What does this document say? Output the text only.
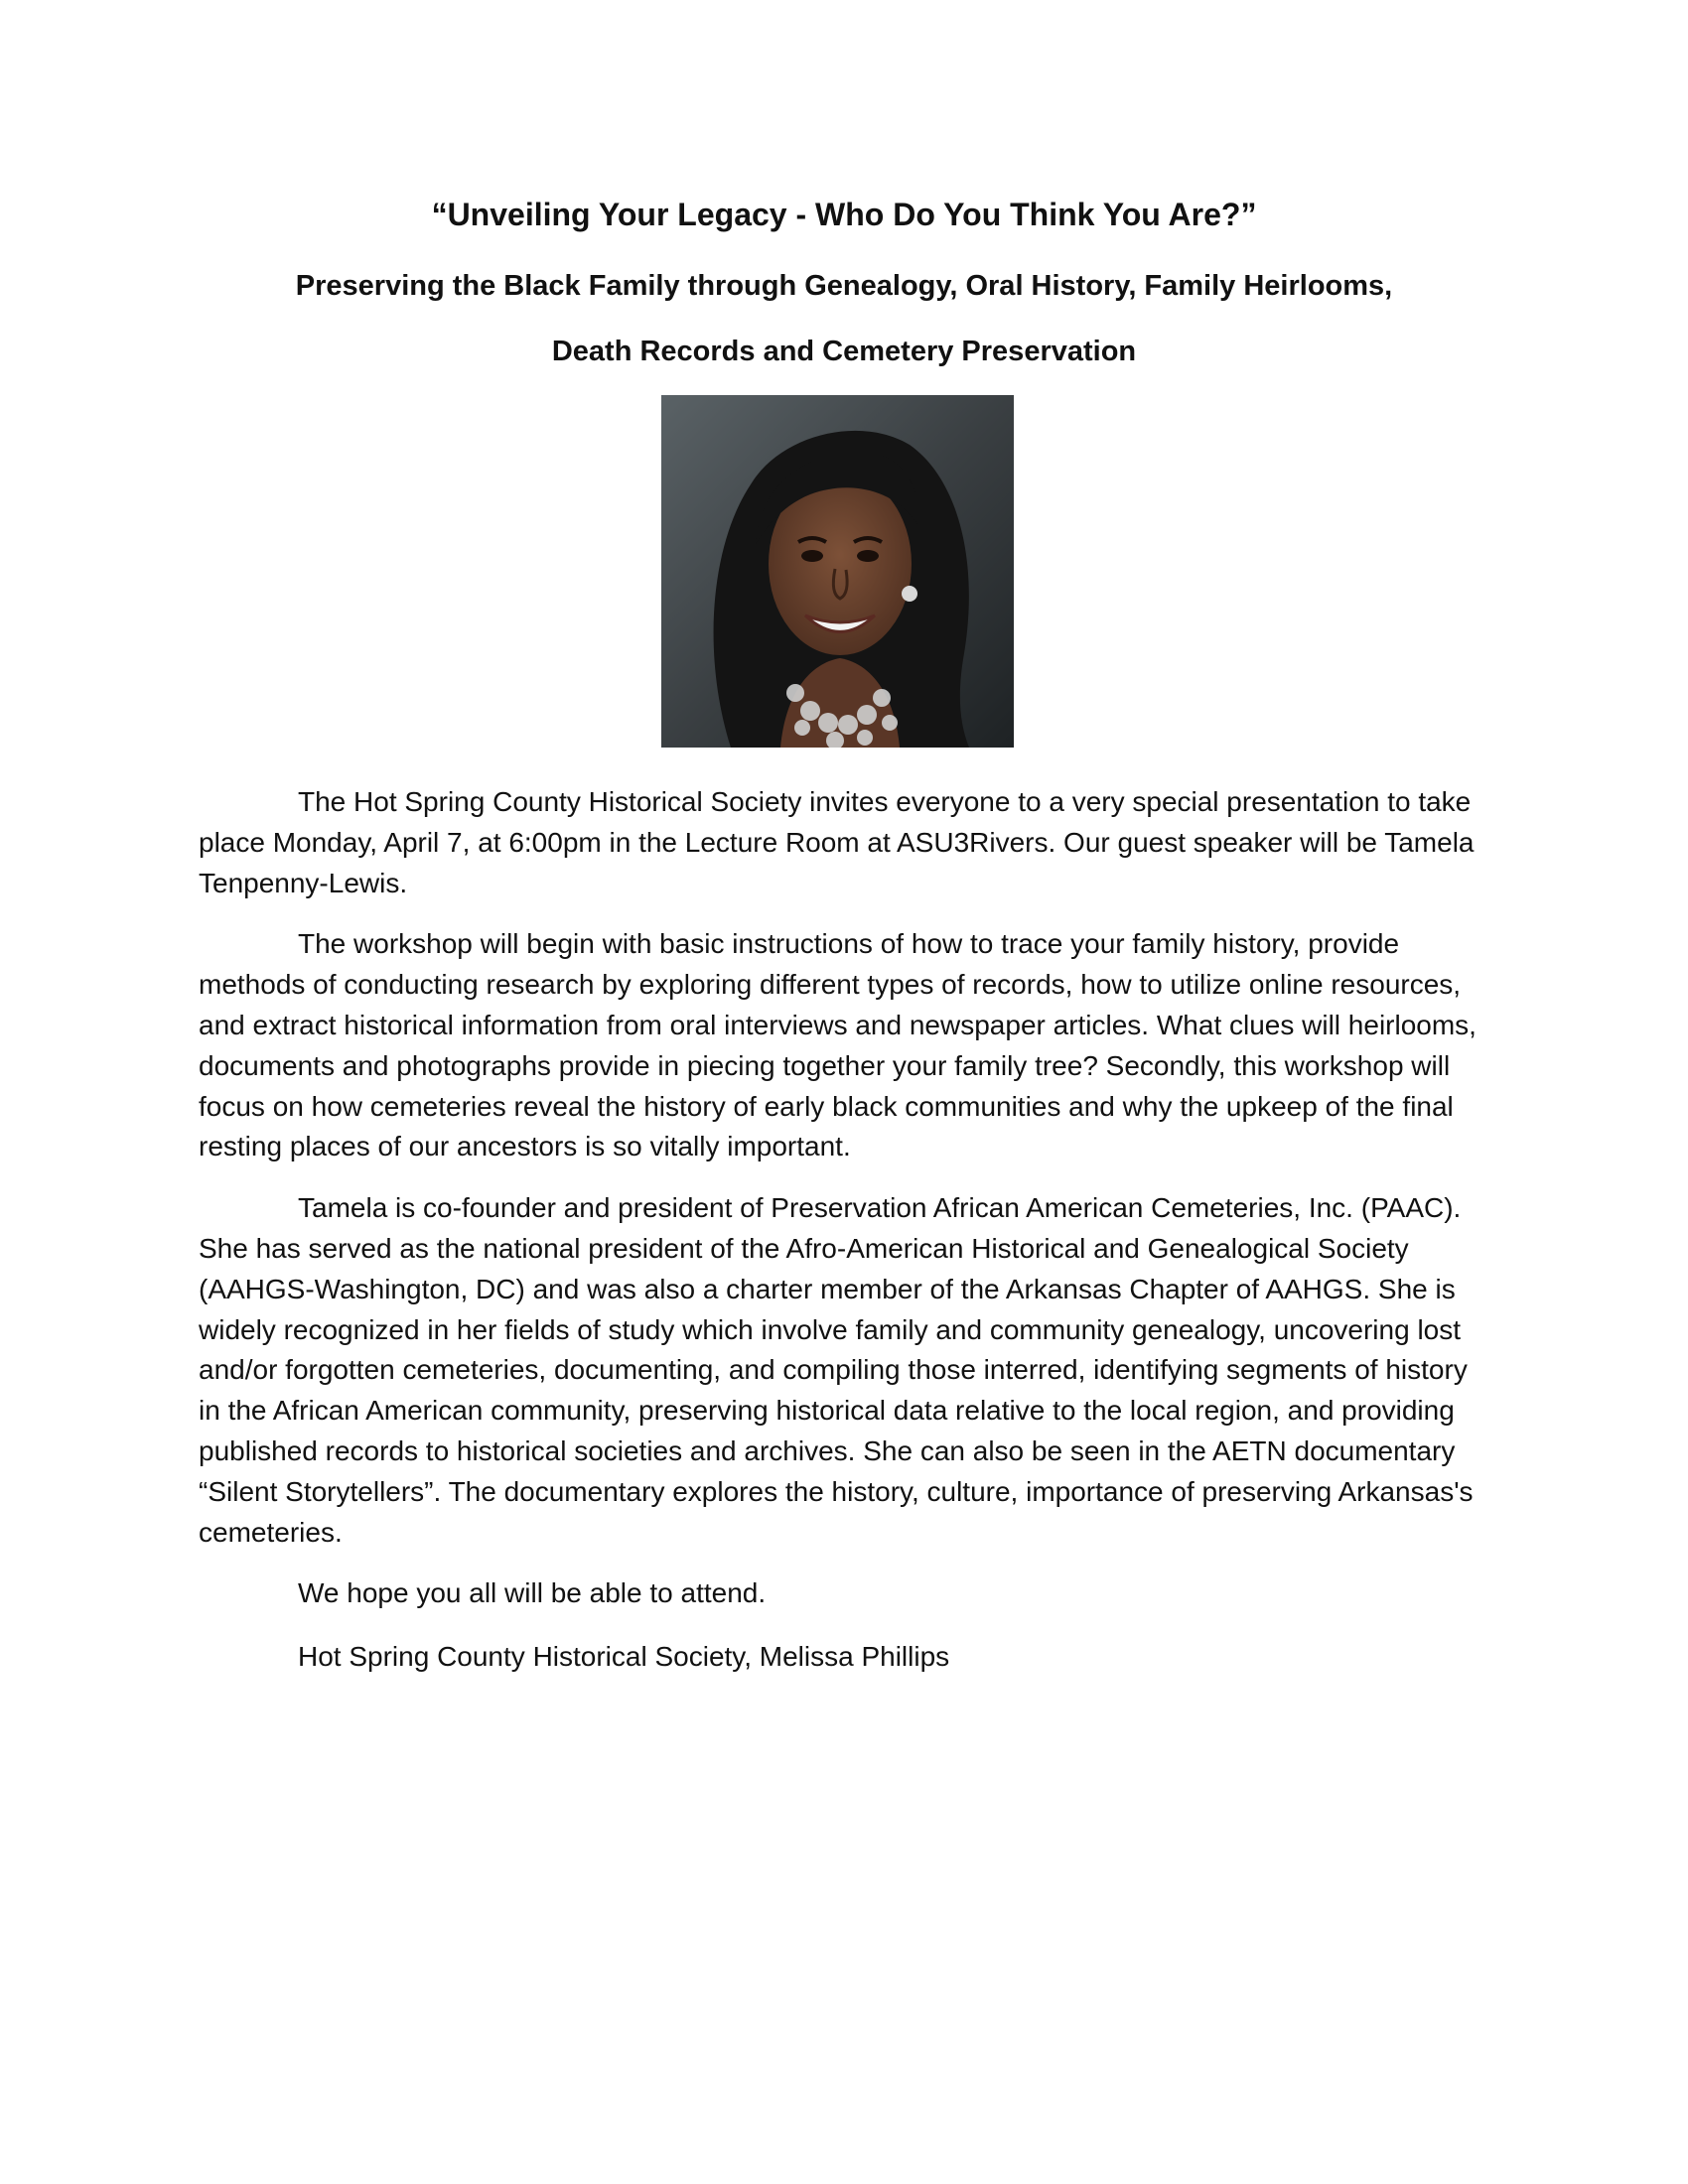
“Unveiling Your Legacy - Who Do You Think You Are?”
Preserving the Black Family through Genealogy, Oral History, Family Heirlooms,
Death Records and Cemetery Preservation

The Hot Spring County Historical Society invites everyone to a very special presentation to take place Monday, April 7, at 6:00pm in the Lecture Room at ASU3Rivers. Our guest speaker will be Tamela Tenpenny-Lewis.

The workshop will begin with basic instructions of how to trace your family history, provide methods of conducting research by exploring different types of records, how to utilize online resources, and extract historical information from oral interviews and newspaper articles. What clues will heirlooms, documents and photographs provide in piecing together your family tree? Secondly, this workshop will focus on how cemeteries reveal the history of early black communities and why the upkeep of the final resting places of our ancestors is so vitally important.

Tamela is co-founder and president of Preservation African American Cemeteries, Inc. (PAAC). She has served as the national president of the Afro-American Historical and Genealogical Society (AAHGS-Washington, DC) and was also a charter member of the Arkansas Chapter of AAHGS. She is widely recognized in her fields of study which involve family and community genealogy, uncovering lost and/or forgotten cemeteries, documenting, and compiling those interred, identifying segments of history in the African American community, preserving historical data relative to the local region, and providing published records to historical societies and archives. She can also be seen in the AETN documentary “Silent Storytellers”. The documentary explores the history, culture, importance of preserving Arkansas's cemeteries.

We hope you all will be able to attend.

Hot Spring County Historical Society, Melissa Phillips
